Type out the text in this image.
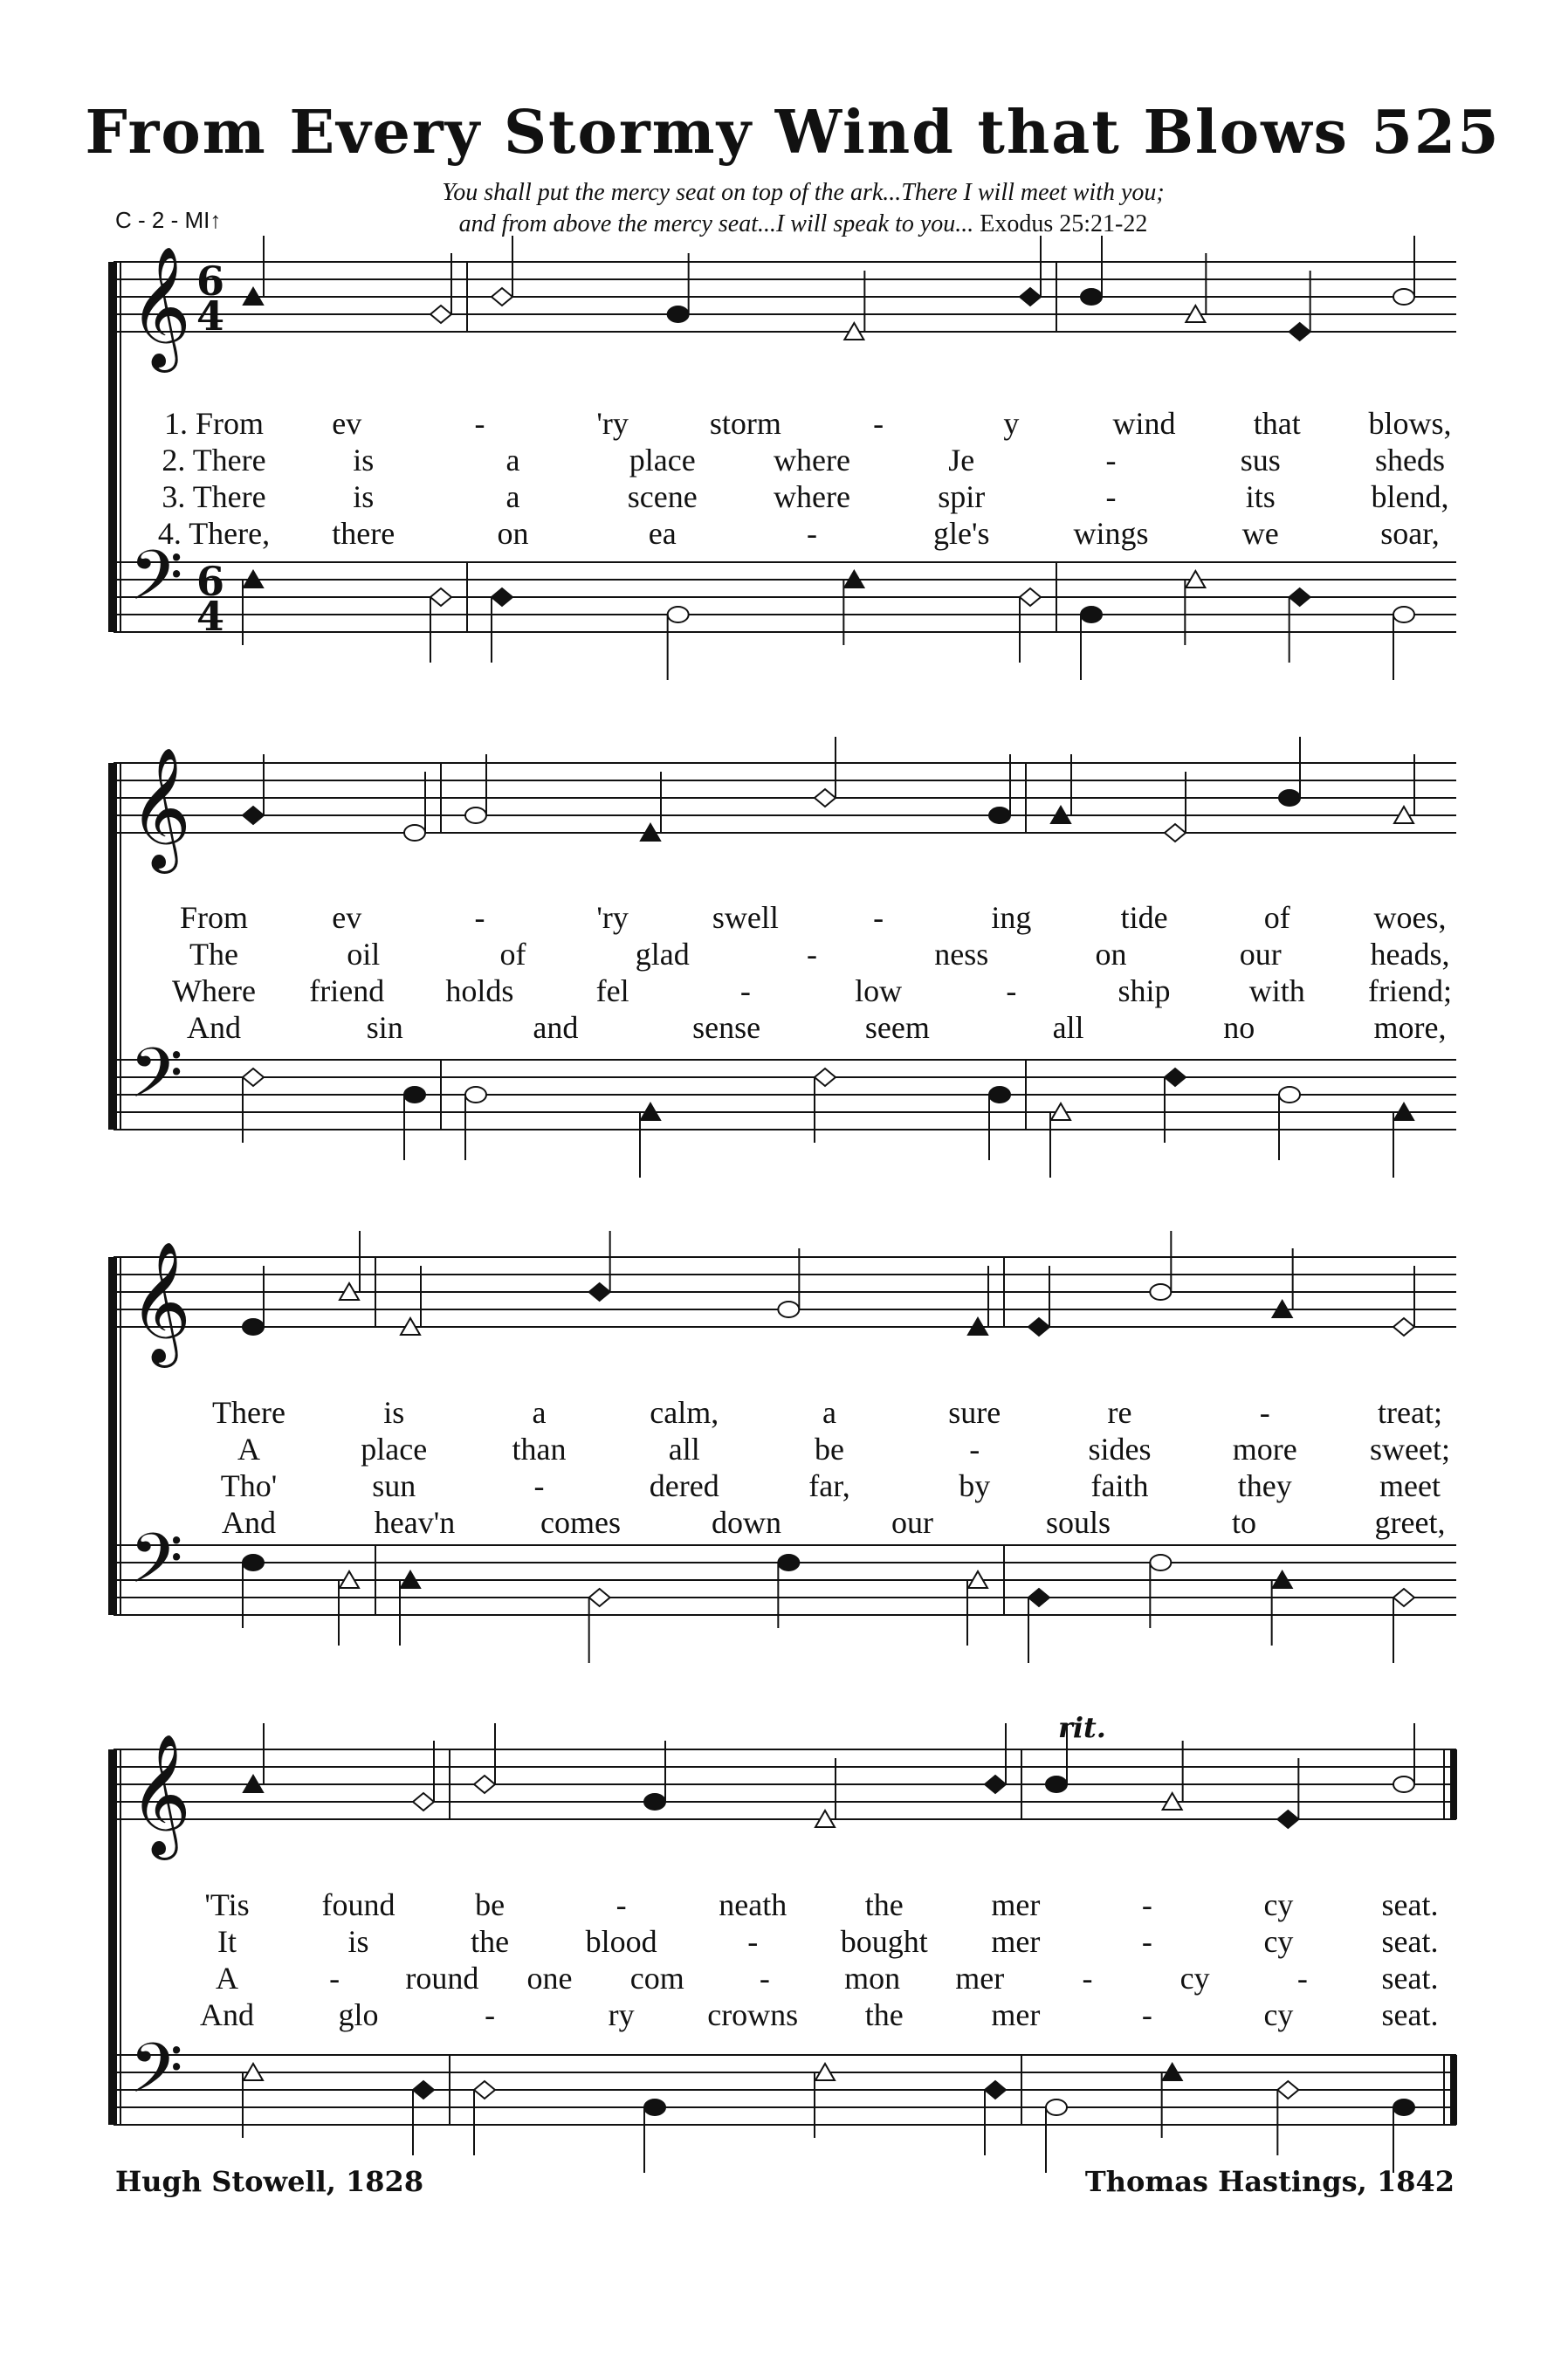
From Every Stormy Wind that Blows 525
You shall put the mercy seat on top of the ark...There I will meet with you;
and from above the mercy seat...I will speak to you... Exodus 25:21-22
C - 2 - MI↑
𝄞
𝄢
6
4
6
4
1. From ev	-	'ry	storm	-	y	wind that blows,
2. There	is	a	place where	Je	-	sus	sheds
3. There	is	a	scene where	spir	-	its	blend,
4. There, there	on	ea	-	gle's	wings	we	soar,
𝄞
𝄢
From	ev	-	'ry	swell	-	ing	tide	of	woes,
The	oil	of	glad	-	ness	on	our	heads,
Where friend holds	fel	-	low	-	ship	with friend;
And	sin	and	sense	seem	all	no	more,
𝄞
𝄢
There	is	a	calm,	a	sure	re	-	treat;
A	place	than	all	be	-	sides	more sweet;
Tho'	sun	-	dered	far,	by	faith	they	meet
And	heav'n	comes	down	our	souls	to	greet,
𝄞
𝄢
'Tis found	be	-	neath the	mer	-	cy	seat.
It	is	the blood	-	bought mer	-	cy	seat.
A	- round one com - mon mer -	cy	- seat.
And	glo	-	ry crowns the	mer	-	cy	seat.
rit.
Hugh Stowell, 1828	Thomas Hastings, 1842
